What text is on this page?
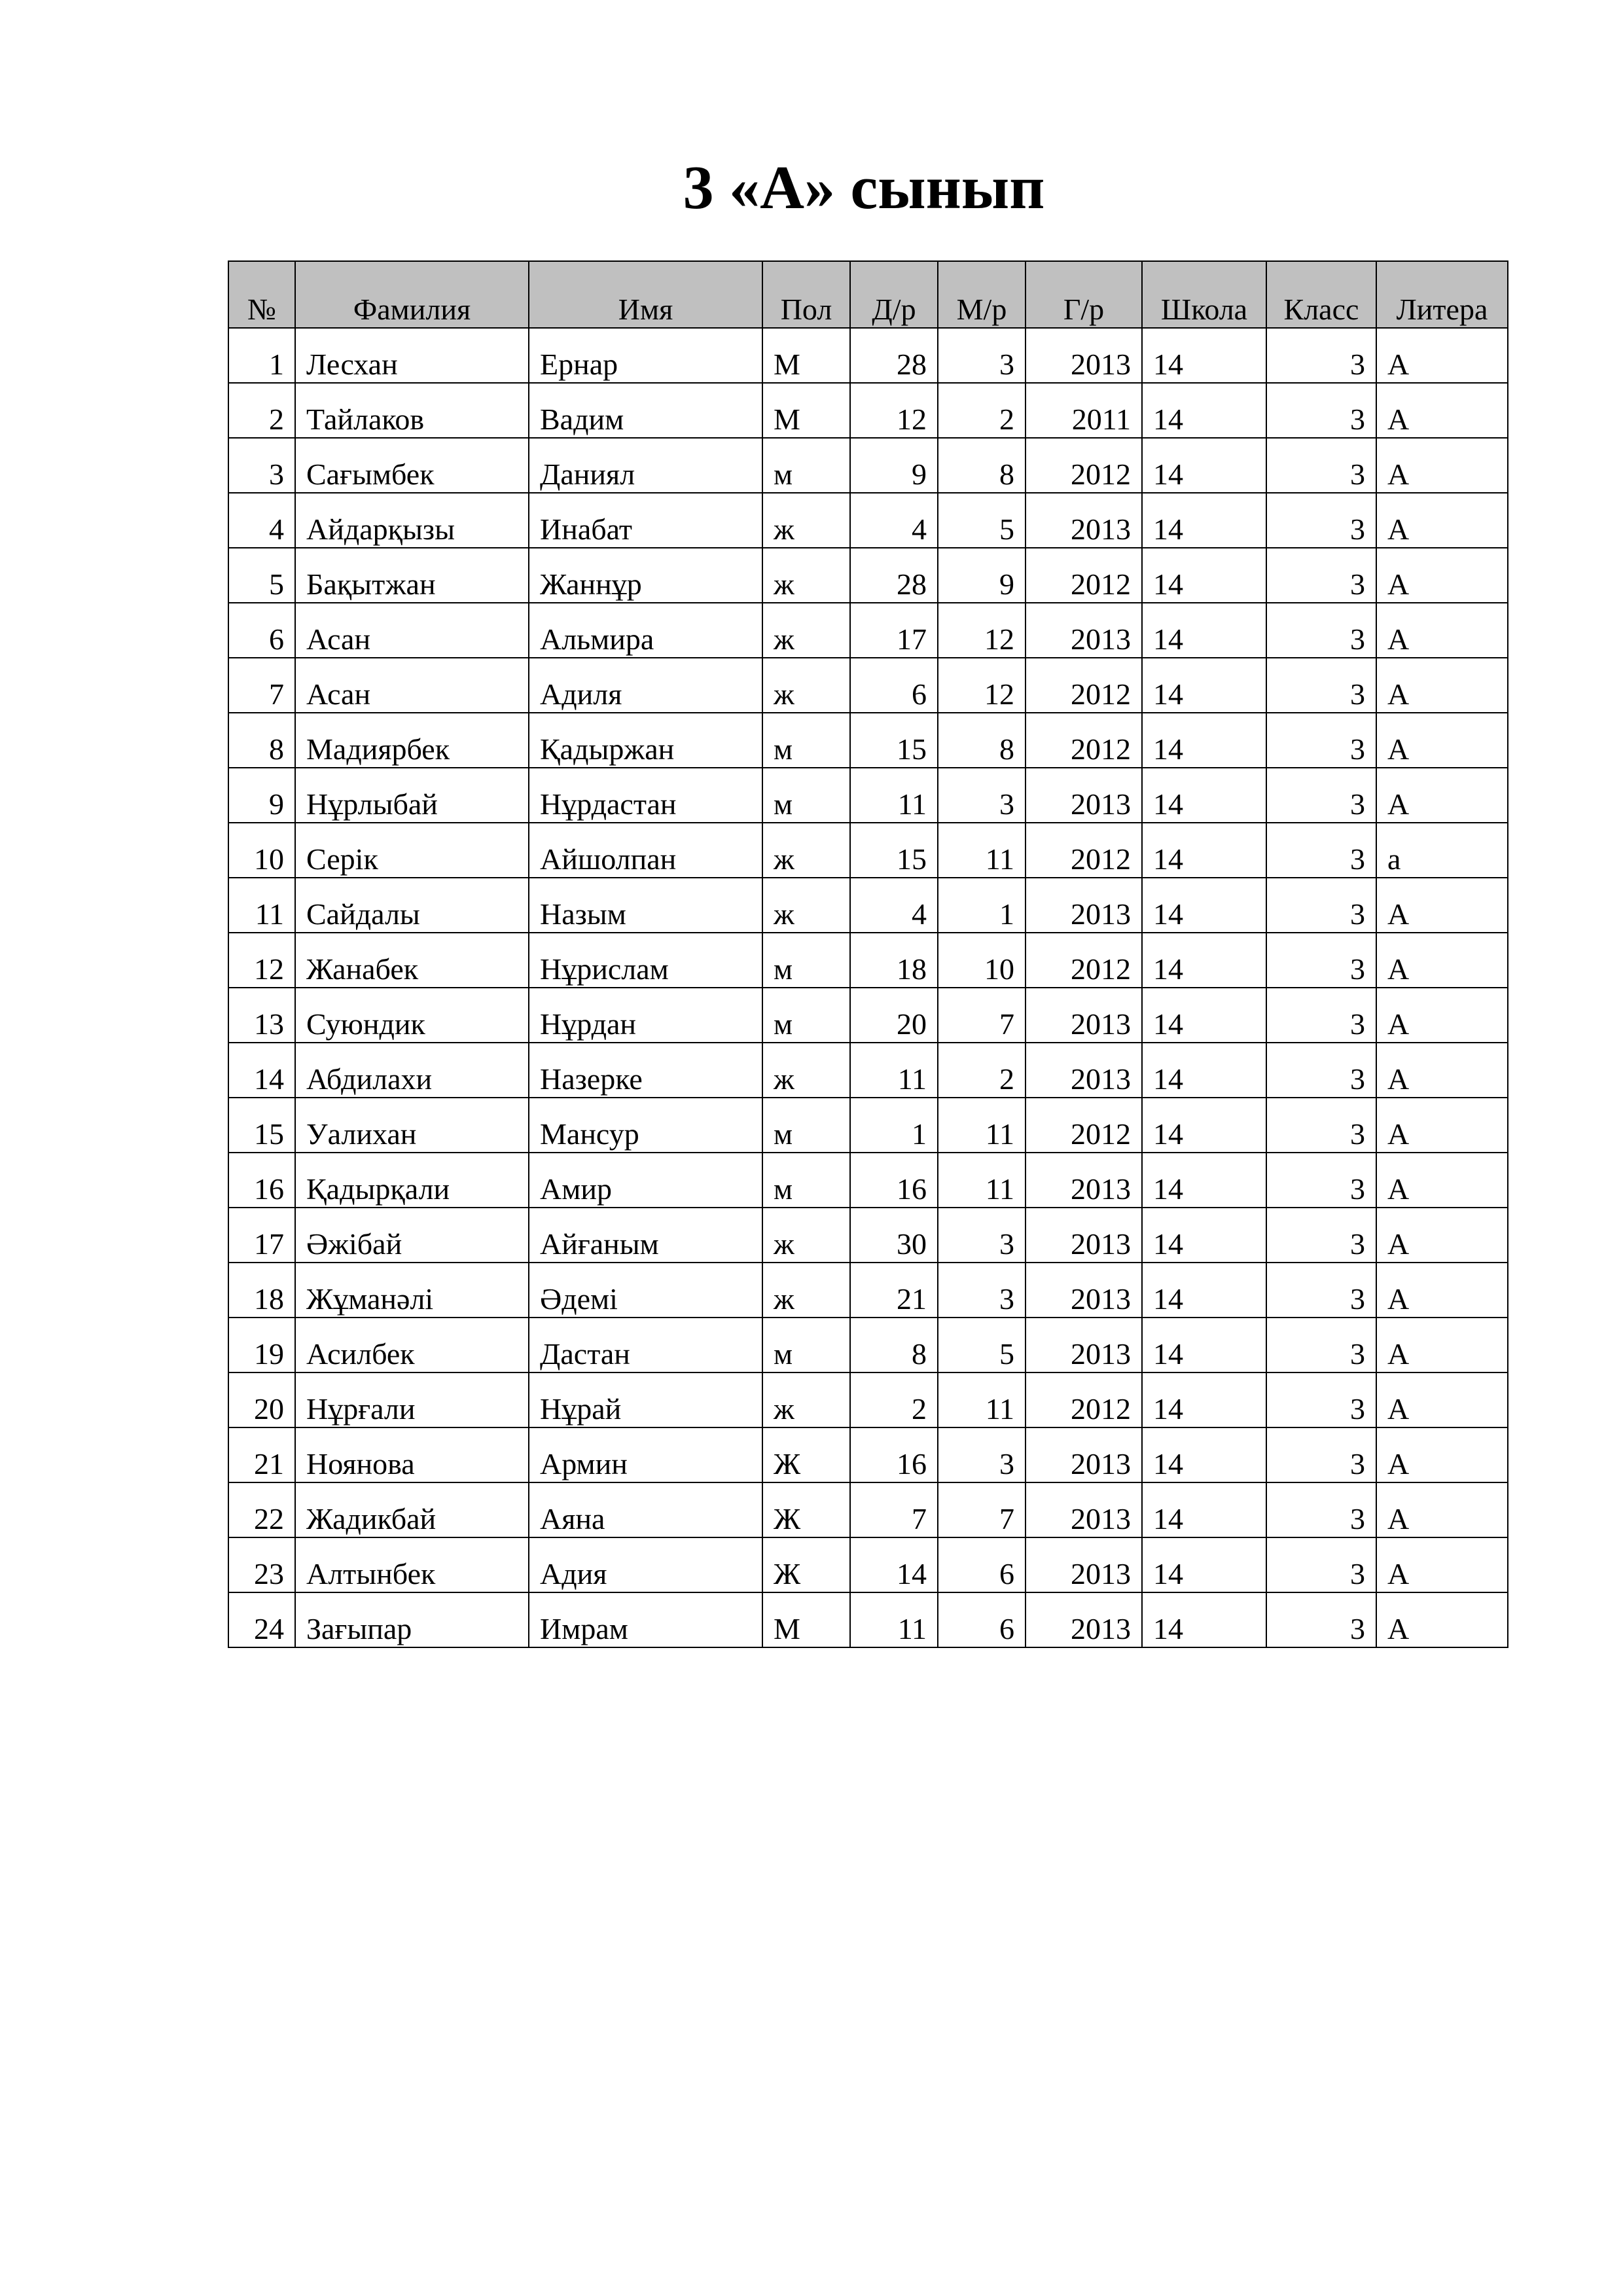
3 «А» сынып
№	Фамилия	Имя	Пол	Д/р	М/р	Г/р	Школа	Класс	Литера
1	Лесхан	Ернар	М	28	3	2013	14	3	А
2	Тайлаков	Вадим	М	12	2	2011	14	3	А
3	Сағымбек	Даниял	м	9	8	2012	14	3	А
4	Айдарқызы	Инабат	ж	4	5	2013	14	3	А
5	Бақытжан	Жаннұр	ж	28	9	2012	14	3	А
6	Асан	Альмира	ж	17	12	2013	14	3	А
7	Асан	Адиля	ж	6	12	2012	14	3	А
8	Мадиярбек	Қадыржан	м	15	8	2012	14	3	А
9	Нұрлыбай	Нұрдастан	м	11	3	2013	14	3	А
10	Серік	Айшолпан	ж	15	11	2012	14	3	а
11	Сайдалы	Назым	ж	4	1	2013	14	3	А
12	Жанабек	Нұрислам	м	18	10	2012	14	3	А
13	Суюндик	Нұрдан	м	20	7	2013	14	3	А
14	Абдилахи	Назерке	ж	11	2	2013	14	3	А
15	Уалихан	Мансур	м	1	11	2012	14	3	А
16	Қадырқали	Амир	м	16	11	2013	14	3	А
17	Әжібай	Айғаным	ж	30	3	2013	14	3	А
18	Жұманәлі	Әдемі	ж	21	3	2013	14	3	А
19	Асилбек	Дастан	м	8	5	2013	14	3	А
20	Нұрғали	Нұрай	ж	2	11	2012	14	3	А
21	Ноянова	Армин	Ж	16	3	2013	14	3	А
22	Жадикбай	Аяна	Ж	7	7	2013	14	3	А
23	Алтынбек	Адия	Ж	14	6	2013	14	3	А
24	Зағыпар	Имрам	М	11	6	2013	14	3	А
